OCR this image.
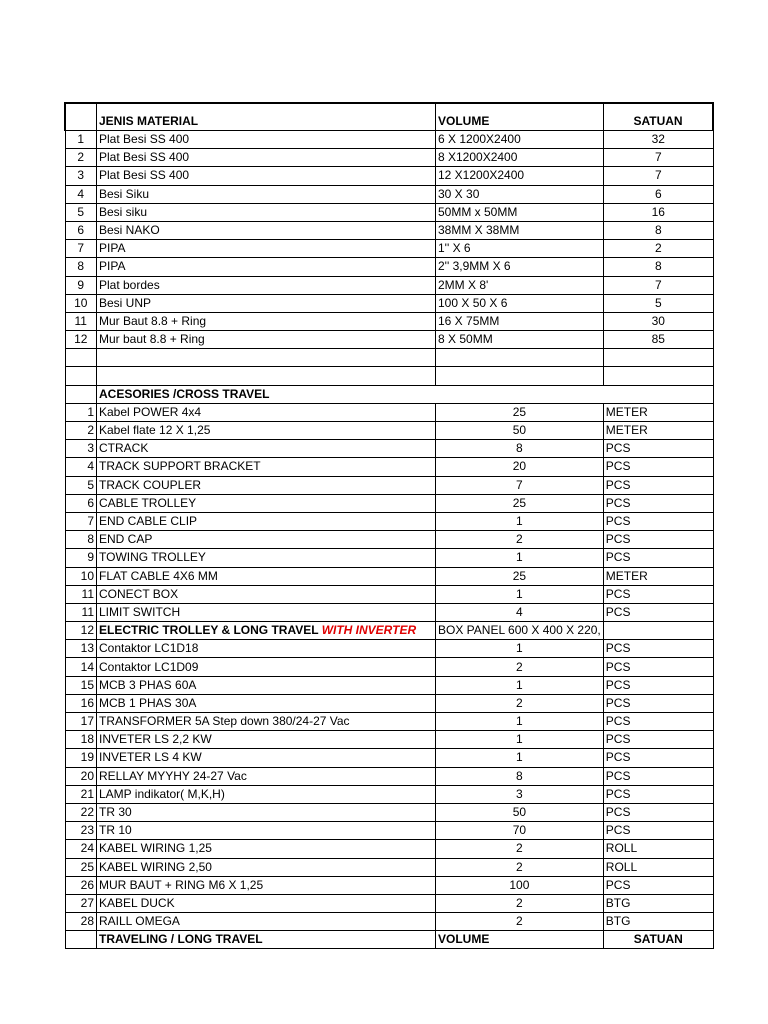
	JENIS MATERIAL	VOLUME	SATUAN
1	Plat Besi SS 400	6 X 1200X2400	32
2	Plat Besi SS 400	8 X1200X2400	7
3	Plat Besi SS 400	12 X1200X2400	7
4	Besi Siku	30 X 30	6
5	Besi siku	50MM x 50MM	16
6	Besi NAKO	38MM X 38MM	8
7	PIPA	1'' X 6	2
8	PIPA	2'' 3,9MM X 6	8
9	Plat bordes	2MM X 8'	7
10	Besi UNP	100 X 50 X 6	5
11	Mur Baut 8.8 + Ring	16 X 75MM	30
12	Mur baut 8.8 + Ring	8 X 50MM	85

	ACESORIES /CROSS TRAVEL		
1	Kabel POWER 4x4	25	METER
2	Kabel flate 12 X 1,25	50	METER
3	CTRACK	8	PCS
4	TRACK SUPPORT BRACKET	20	PCS
5	TRACK COUPLER	7	PCS
6	CABLE TROLLEY	25	PCS
7	END CABLE CLIP	1	PCS
8	END CAP	2	PCS
9	TOWING TROLLEY	1	PCS
10	FLAT CABLE 4X6 MM	25	METER
11	CONECT BOX	1	PCS
11	LIMIT SWITCH	4	PCS
12	ELECTRIC TROLLEY & LONG TRAVEL WITH INVERTER	BOX PANEL 600 X 400 X 220,	
13	Contaktor LC1D18	1	PCS
14	Contaktor LC1D09	2	PCS
15	MCB 3 PHAS 60A	1	PCS
16	MCB 1 PHAS 30A	2	PCS
17	TRANSFORMER 5A Step down 380/24-27 Vac	1	PCS
18	INVETER LS 2,2 KW	1	PCS
19	INVETER LS 4 KW	1	PCS
20	RELLAY MYYHY 24-27 Vac	8	PCS
21	LAMP indikator( M,K,H)	3	PCS
22	TR 30	50	PCS
23	TR 10	70	PCS
24	KABEL WIRING 1,25	2	ROLL
25	KABEL WIRING 2,50	2	ROLL
26	MUR BAUT + RING M6 X 1,25	100	PCS
27	KABEL DUCK	2	BTG
28	RAILL OMEGA	2	BTG
	TRAVELING / LONG TRAVEL	VOLUME	SATUAN
